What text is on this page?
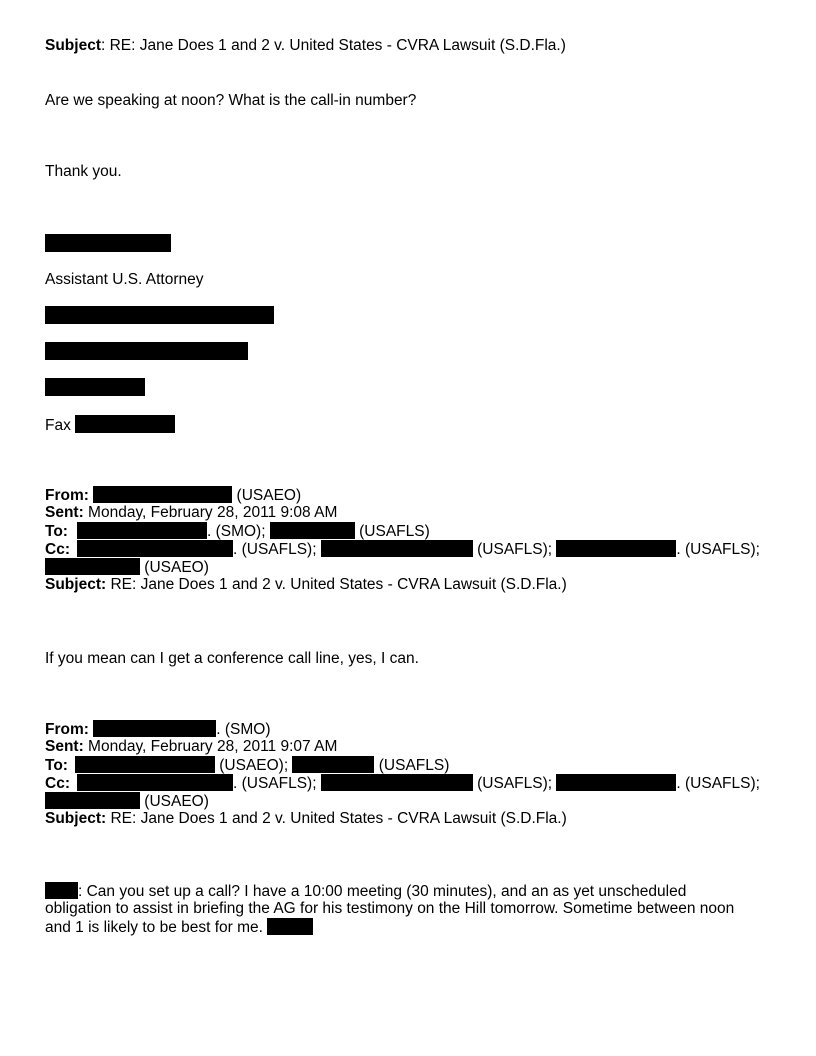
Subject: RE: Jane Does 1 and 2 v. United States - CVRA Lawsuit (S.D.Fla.)
Are we speaking at noon? What is the call-in number?
Thank you.
Assistant U.S. Attorney
Fax
From:	(USAEO)
Sent: Monday, February 28, 2011 9:08 AM
To:	. (SMO);	(USAFLS)
Cc:	. (USAFLS);	(USAFLS);	. (USAFLS);
(USAEO)
Subject: RE: Jane Does 1 and 2 v. United States - CVRA Lawsuit (S.D.Fla.)
If you mean can I get a conference call line, yes, I can.
From:	. (SMO)
Sent: Monday, February 28, 2011 9:07 AM
To:	(USAEO);	(USAFLS)
Cc:	. (USAFLS);	(USAFLS);	. (USAFLS);
(USAEO)
Subject: RE: Jane Does 1 and 2 v. United States - CVRA Lawsuit (S.D.Fla.)
: Can you set up a call? I have a 10:00 meeting (30 minutes), and an as yet unscheduled
obligation to assist in briefing the AG for his testimony on the Hill tomorrow. Sometime between noon
and 1 is likely to be best for me.
